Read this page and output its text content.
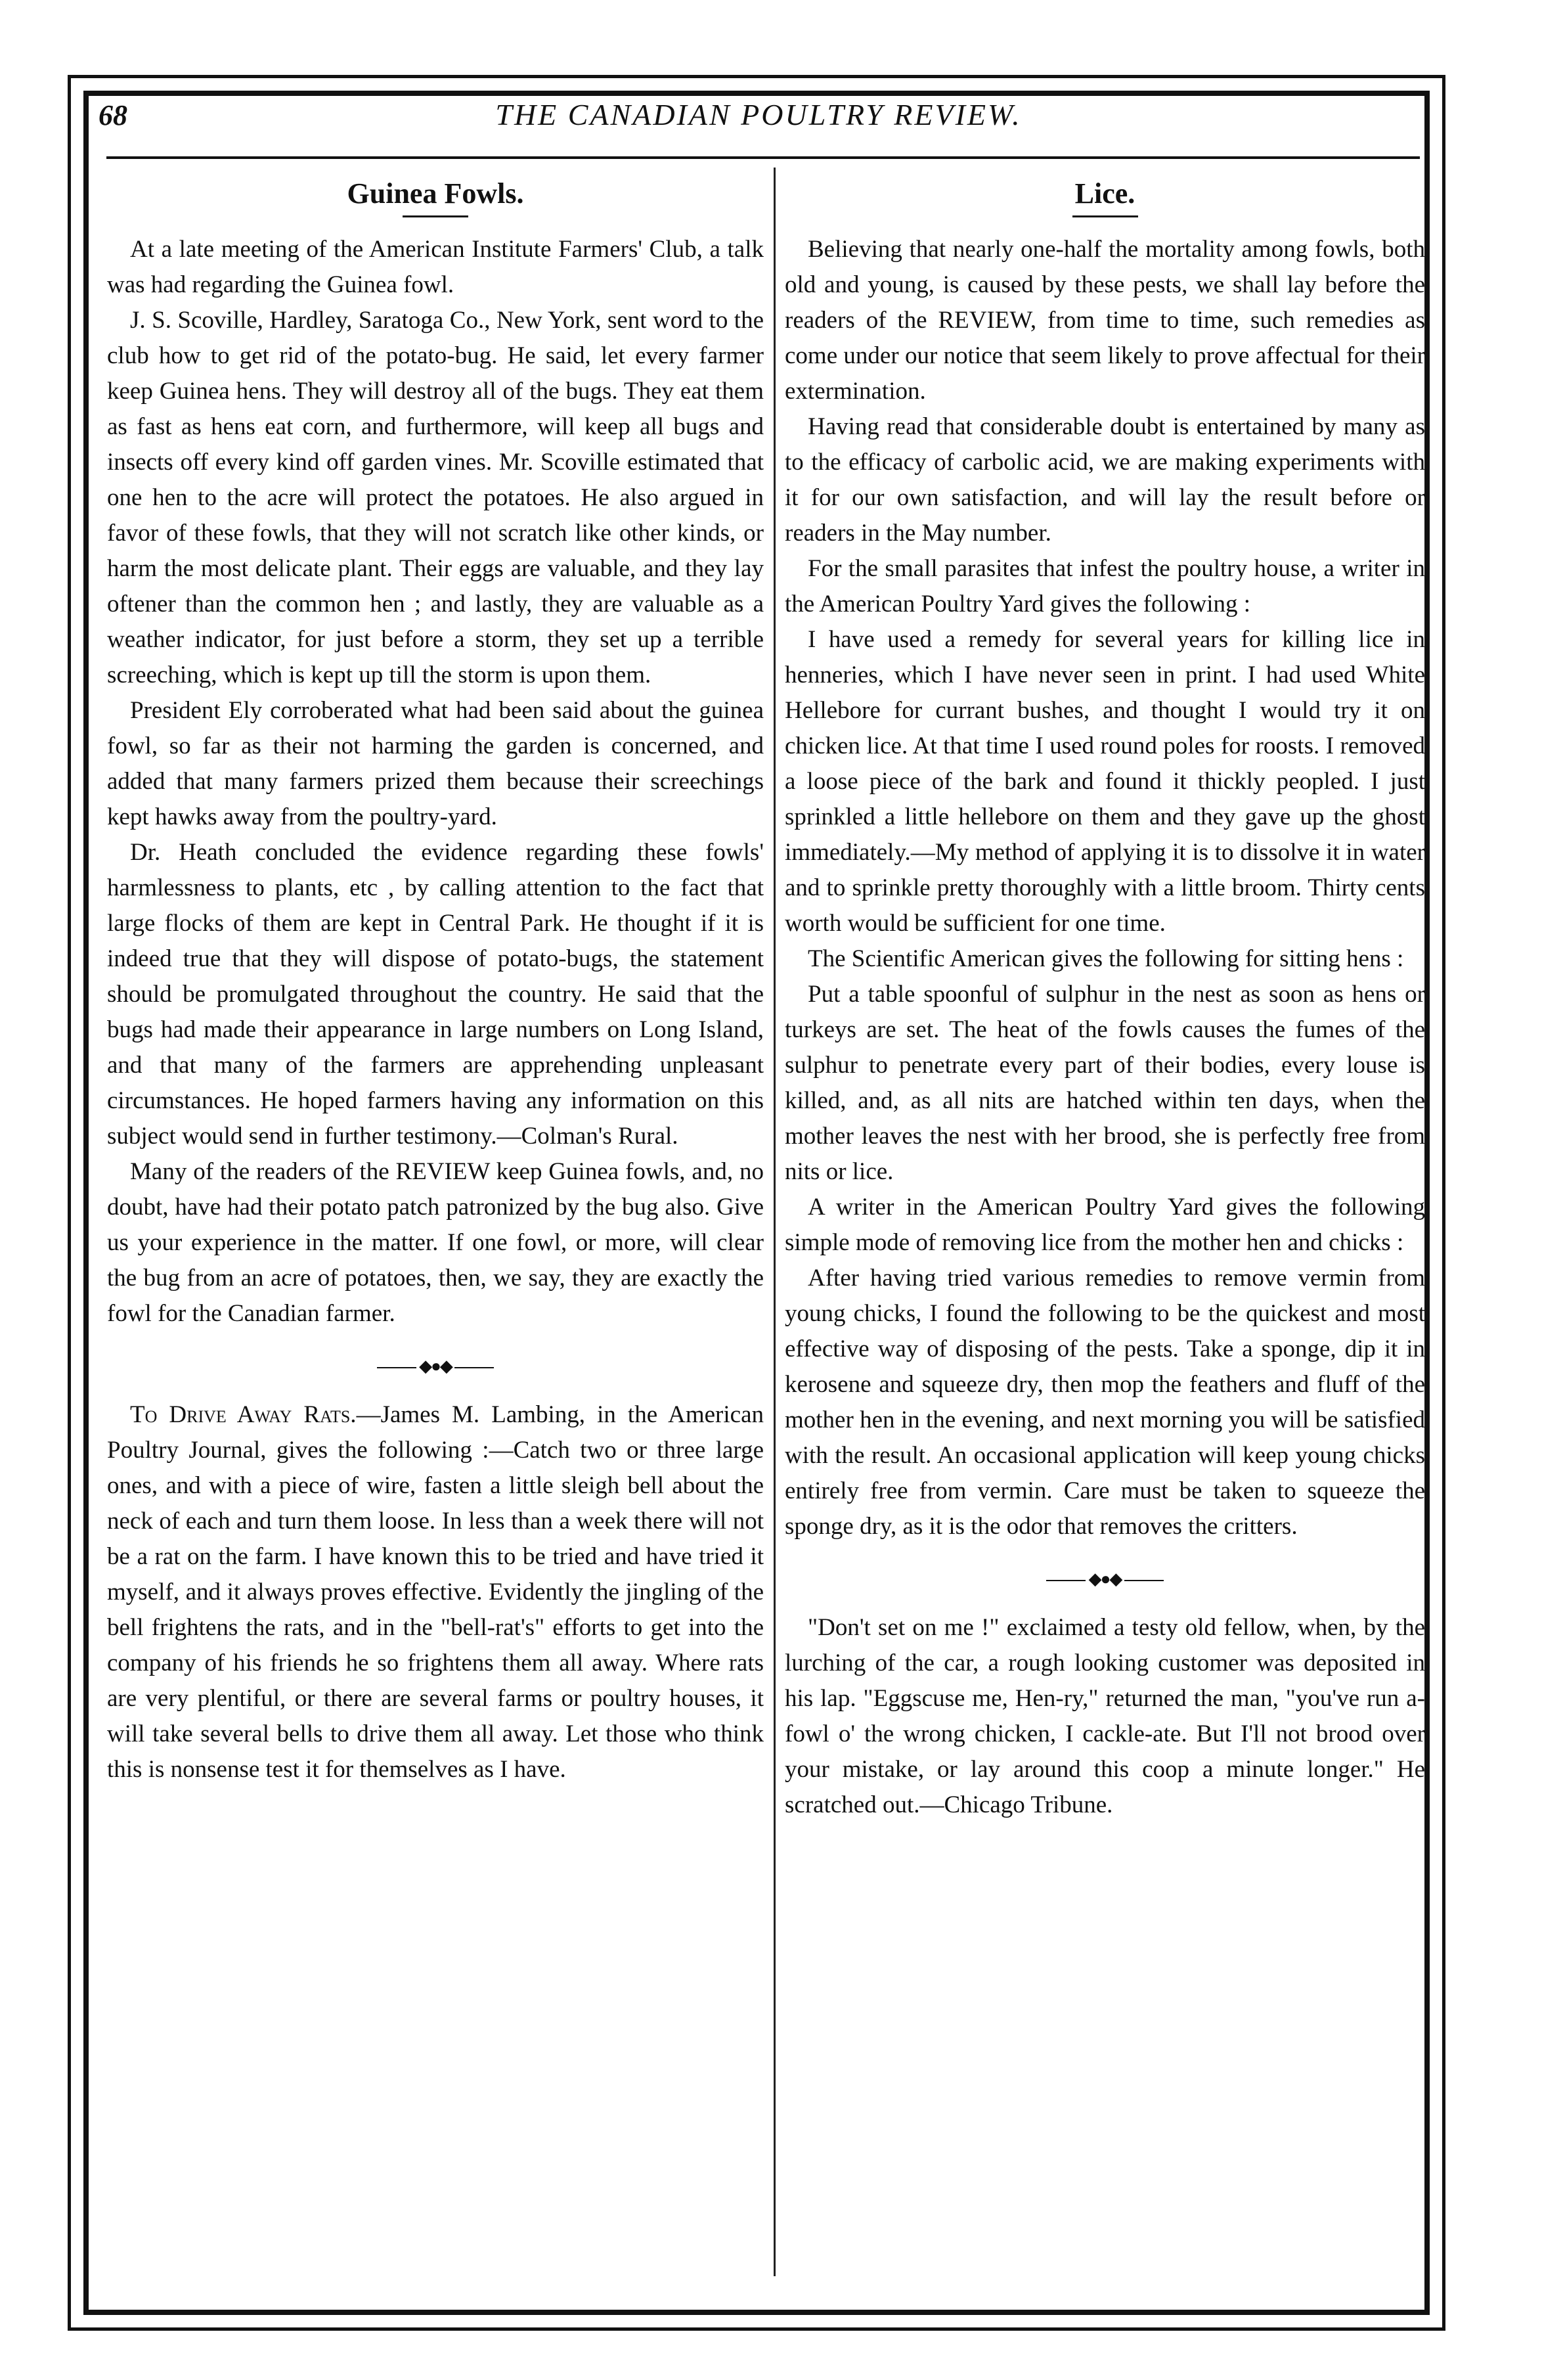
68	THE CANADIAN POULTRY REVIEW.
Guinea Fowls.

At a late meeting of the American Institute Farmers' Club, a talk was had regarding the Guinea fowl.

J. S. Scoville, Hardley, Saratoga Co., New York, sent word to the club how to get rid of the potato-bug. He said, let every farmer keep Guinea hens. They will destroy all of the bugs. They eat them as fast as hens eat corn, and furthermore, will keep all bugs and insects off every kind off garden vines. Mr. Scoville estimated that one hen to the acre will protect the potatoes. He also argued in favor of these fowls, that they will not scratch like other kinds, or harm the most delicate plant. Their eggs are valuable, and they lay oftener than the common hen ; and lastly, they are valuable as a weather indicator, for just before a storm, they set up a terrible screeching, which is kept up till the storm is upon them.

President Ely corroberated what had been said about the guinea fowl, so far as their not harming the garden is concerned, and added that many farmers prized them because their screechings kept hawks away from the poultry-yard.

Dr. Heath concluded the evidence regarding these fowls' harmlessness to plants, etc , by calling attention to the fact that large flocks of them are kept in Central Park. He thought if it is indeed true that they will dispose of potato-bugs, the statement should be promulgated throughout the country. He said that the bugs had made their appearance in large numbers on Long Island, and that many of the farmers are apprehending unpleasant circumstances. He hoped farmers having any information on this subject would send in further testimony.—Colman's Rural.

Many of the readers of the REVIEW keep Guinea fowls, and, no doubt, have had their potato patch patronized by the bug also. Give us your experience in the matter. If one fowl, or more, will clear the bug from an acre of potatoes, then, we say, they are exactly the fowl for the Canadian farmer.

◆●◆

To Drive Away Rats.—James M. Lambing, in the American Poultry Journal, gives the following :—Catch two or three large ones, and with a piece of wire, fasten a little sleigh bell about the neck of each and turn them loose. In less than a week there will not be a rat on the farm. I have known this to be tried and have tried it myself, and it always proves effective. Evidently the jingling of the bell frightens the rats, and in the "bell-rat's" efforts to get into the company of his friends he so frightens them all away. Where rats are very plentiful, or there are several farms or poultry houses, it will take several bells to drive them all away. Let those who think this is nonsense test it for themselves as I have.

Lice.

Believing that nearly one-half the mortality among fowls, both old and young, is caused by these pests, we shall lay before the readers of the REVIEW, from time to time, such remedies as come under our notice that seem likely to prove affectual for their extermination.

Having read that considerable doubt is entertained by many as to the efficacy of carbolic acid, we are making experiments with it for our own satisfaction, and will lay the result before or readers in the May number.

For the small parasites that infest the poultry house, a writer in the American Poultry Yard gives the following :

I have used a remedy for several years for killing lice in henneries, which I have never seen in print. I had used White Hellebore for currant bushes, and thought I would try it on chicken lice. At that time I used round poles for roosts. I removed a loose piece of the bark and found it thickly peopled. I just sprinkled a little hellebore on them and they gave up the ghost immediately.—My method of applying it is to dissolve it in water and to sprinkle pretty thoroughly with a little broom. Thirty cents worth would be sufficient for one time.

The Scientific American gives the following for sitting hens :

Put a table spoonful of sulphur in the nest as soon as hens or turkeys are set. The heat of the fowls causes the fumes of the sulphur to penetrate every part of their bodies, every louse is killed, and, as all nits are hatched within ten days, when the mother leaves the nest with her brood, she is perfectly free from nits or lice.

A writer in the American Poultry Yard gives the following simple mode of removing lice from the mother hen and chicks :

After having tried various remedies to remove vermin from young chicks, I found the following to be the quickest and most effective way of disposing of the pests. Take a sponge, dip it in kerosene and squeeze dry, then mop the feathers and fluff of the mother hen in the evening, and next morning you will be satisfied with the result. An occasional application will keep young chicks entirely free from vermin. Care must be taken to squeeze the sponge dry, as it is the odor that removes the critters.

◆●◆

"Don't set on me !" exclaimed a testy old fellow, when, by the lurching of the car, a rough looking customer was deposited in his lap. "Eggscuse me, Hen-ry," returned the man, "you've run a-fowl o' the wrong chicken, I cackle-ate. But I'll not brood over your mistake, or lay around this coop a minute longer." He scratched out.—Chicago Tribune.
